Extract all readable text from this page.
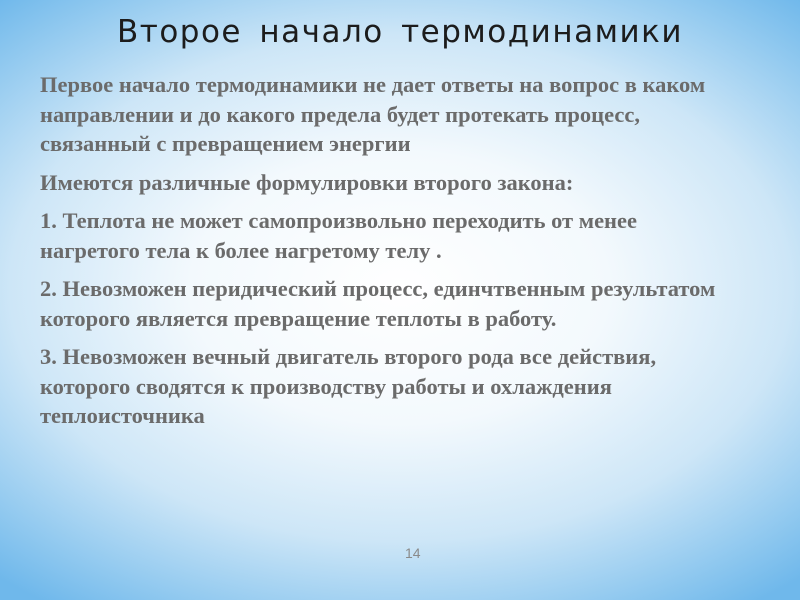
Второе начало термодинамики

Первое начало термодинамики не дает ответы на вопрос в каком направлении и до какого предела будет протекать процесс, связанный с превращением энергии

Имеются различные формулировки второго закона:

1. Теплота не может самопроизвольно переходить от менее нагретого тела к более нагретому телу .

2. Невозможен перидический процесс, единчтвенным результатом которого является превращение теплоты в работу.

3. Невозможен вечный двигатель второго рода все действия, которого сводятся к производству работы и охлаждения теплоисточника

14
